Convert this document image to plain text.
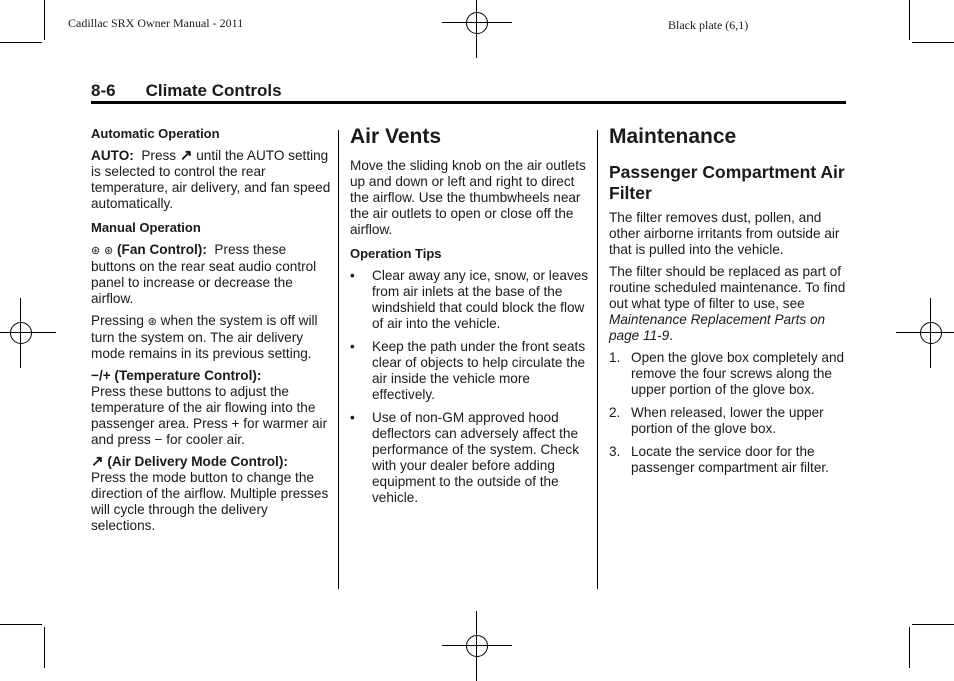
Cadillac SRX Owner Manual - 2011	Black plate (6,1)
8-6 Climate Controls
Automatic Operation

AUTO: Press ↗ until the AUTO setting is selected to control the rear temperature, air delivery, and fan speed automatically.

Manual Operation

⊛ ⊛ (Fan Control): Press these buttons on the rear seat audio control panel to increase or decrease the airflow.

Pressing ⊛ when the system is off will turn the system on. The air delivery mode remains in its previous setting.

−/+ (Temperature Control):
Press these buttons to adjust the temperature of the air flowing into the passenger area. Press + for warmer air and press − for cooler air.

↗ (Air Delivery Mode Control):
Press the mode button to change the direction of the airflow. Multiple presses will cycle through the delivery selections.

Air Vents

Move the sliding knob on the air outlets up and down or left and right to direct the airflow. Use the thumbwheels near the air outlets to open or close off the airflow.

Operation Tips
• Clear away any ice, snow, or leaves from air inlets at the base of the windshield that could block the flow of air into the vehicle.
• Keep the path under the front seats clear of objects to help circulate the air inside the vehicle more effectively.
• Use of non-GM approved hood deflectors can adversely affect the performance of the system. Check with your dealer before adding equipment to the outside of the vehicle.
Maintenance
Passenger Compartment Air Filter

The filter removes dust, pollen, and other airborne irritants from outside air that is pulled into the vehicle.

The filter should be replaced as part of routine scheduled maintenance. To find out what type of filter to use, see Maintenance Replacement Parts on page 11-9.

1. Open the glove box completely and remove the four screws along the upper portion of the glove box.
2. When released, lower the upper portion of the glove box.
3. Locate the service door for the passenger compartment air filter.
